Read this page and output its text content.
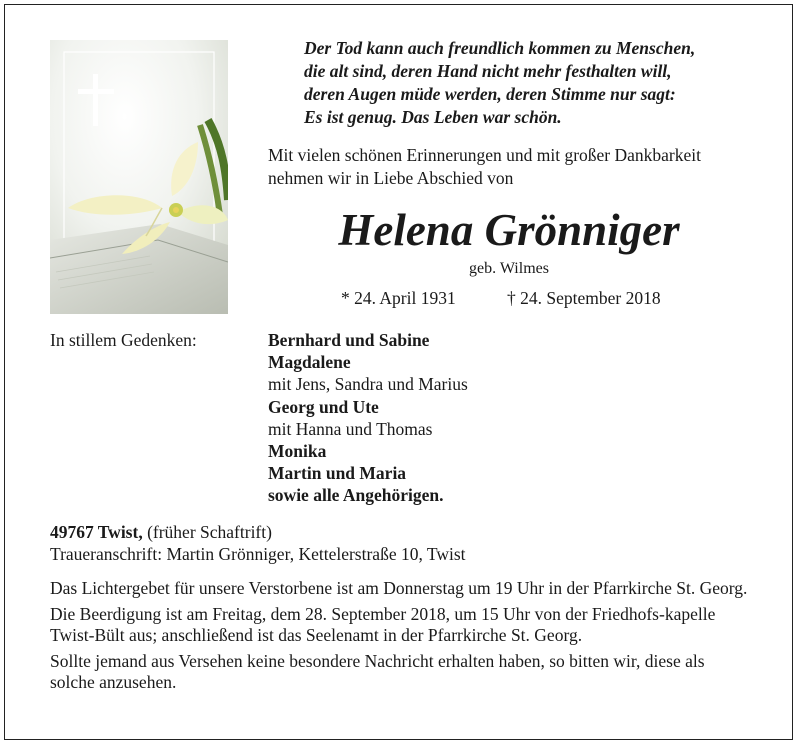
Der Tod kann auch freundlich kommen zu Menschen,
die alt sind, deren Hand nicht mehr festhalten will,
deren Augen müde werden, deren Stimme nur sagt:
Es ist genug. Das Leben war schön.
Mit vielen schönen Erinnerungen und mit großer Dankbarkeit
nehmen wir in Liebe Abschied von
Helena Grönniger
geb. Wilmes
* 24. April 1931	† 24. September 2018
In stillem Gedenken:	Bernhard und Sabine
Magdalene
mit Jens, Sandra und Marius
Georg und Ute
mit Hanna und Thomas
Monika
Martin und Maria
sowie alle Angehörigen.
49767 Twist, (früher Schaftrift)
Traueranschrift: Martin Grönniger, Kettelerstraße 10, Twist

Das Lichtergebet für unsere Verstorbene ist am Donnerstag um 19 Uhr in der Pfarrkirche St. Georg.

Die Beerdigung ist am Freitag, dem 28. September 2018, um 15 Uhr von der Friedhofs-kapelle Twist-Bült aus; anschließend ist das Seelenamt in der Pfarrkirche St. Georg.

Sollte jemand aus Versehen keine besondere Nachricht erhalten haben, so bitten wir, diese als solche anzusehen.
